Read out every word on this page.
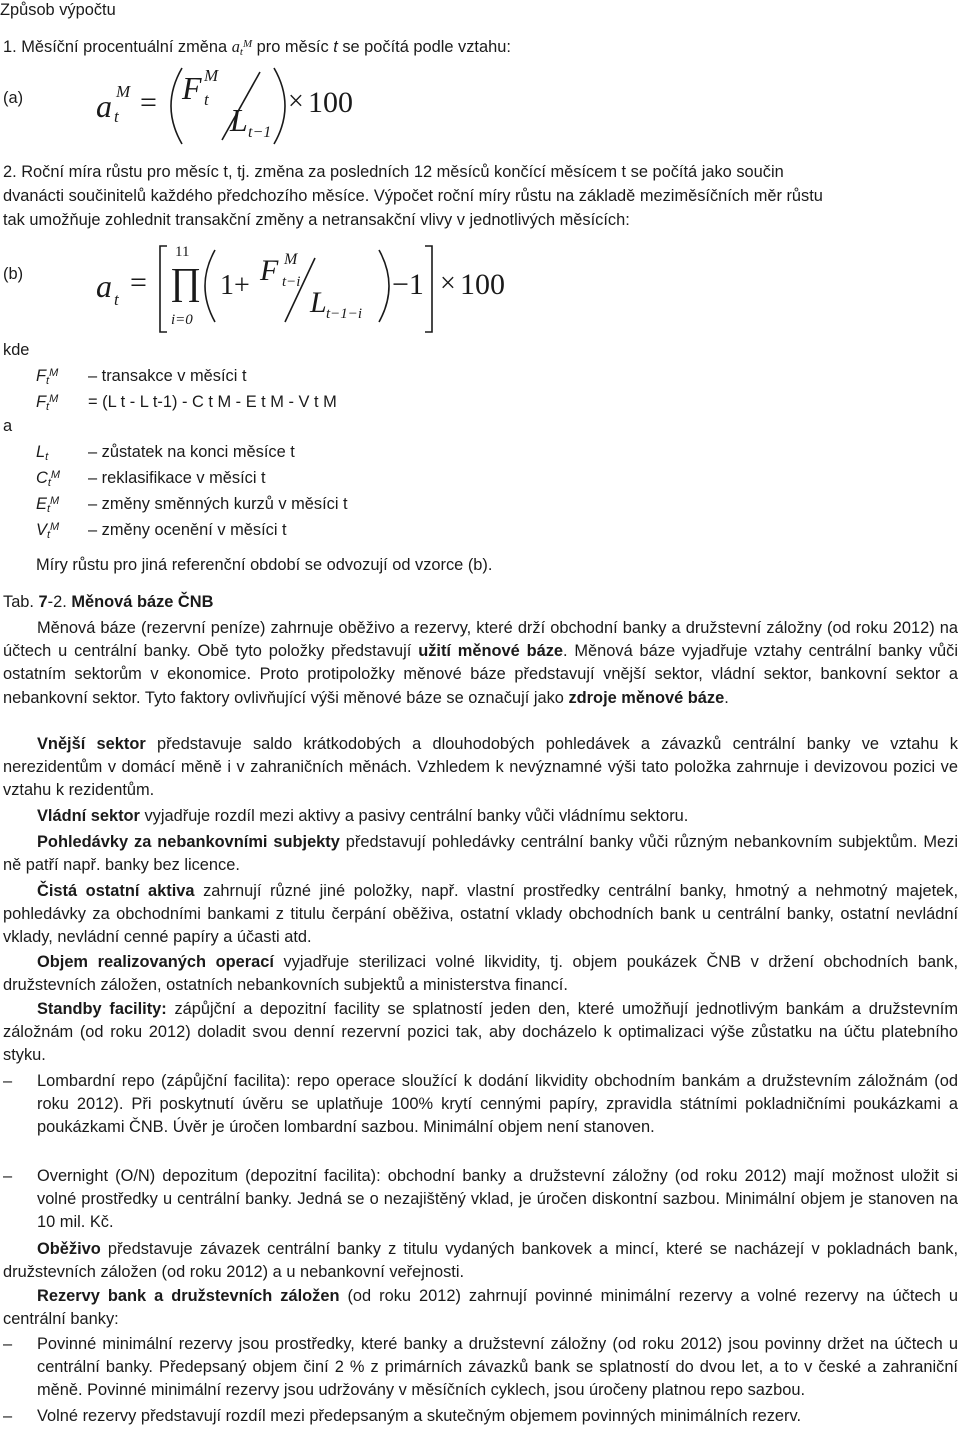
Způsob výpočtu
1. Měsíční procentuální změna $a_t^M$ pro měsíc t se počítá podle vztahu:
(a) a M
t = F M
t
L t−1
× 100
2. Roční míra růstu pro měsíc t, tj. změna za posledních 12 měsíců končící měsícem t se počítá jako součin
dvanácti součinitelů každého předchozího měsíce. Výpočet roční míry růstu na základě meziměsíčních měr růstu
tak umožňuje zohlednit transakční změny a netransakční vlivy v jednotlivých měsících:
(b) a t
=
11
∏
i=0
1+ F M
t−i
L t−1−i
−1 × 100
kde
a
$F_t^M$ – transakce v měsíci t
$F_t^M = (L$ t - L t-1) - C t M - E t M - V t M
$L_t$ – zůstatek na konci měsíce t
$C_t^M$ – reklasifikace v měsíci t
$E_t^M$ – změny směnných kurzů v měsíci t
$V_t^M$ – změny ocenění v měsíci t
Míry růstu pro jiná referenční období se odvozují od vzorce (b).
Tab. 7-2. Měnová báze ČNB
Měnová báze (rezervní peníze) zahrnuje oběživo a rezervy, které drží obchodní banky a družstevní záložny (od roku 2012) na účtech u centrální banky. Obě tyto položky představují užití měnové báze. Měnová báze vyjadřuje vztahy centrální banky vůči ostatním sektorům v ekonomice. Proto protipoložky měnové báze představují vnější sektor, vládní sektor, bankovní sektor a nebankovní sektor. Tyto faktory ovlivňující výši měnové báze se označují jako zdroje měnové báze.
Vnější sektor představuje saldo krátkodobých a dlouhodobých pohledávek a závazků centrální banky ve vztahu k nerezidentům v domácí měně i v zahraničních měnách. Vzhledem k nevýznamné výši tato položka zahrnuje i devizovou pozici ve vztahu k rezidentům.
Vládní sektor vyjadřuje rozdíl mezi aktivy a pasivy centrální banky vůči vládnímu sektoru.
Pohledávky za nebankovními subjekty představují pohledávky centrální banky vůči různým nebankovním subjektům. Mezi ně patří např. banky bez licence.
Čistá ostatní aktiva zahrnují různé jiné položky, např. vlastní prostředky centrální banky, hmotný a nehmotný majetek, pohledávky za obchodními bankami z titulu čerpání oběživa, ostatní vklady obchodních bank u centrální banky, ostatní nevládní vklady, nevládní cenné papíry a účasti atd.
Objem realizovaných operací vyjadřuje sterilizaci volné likvidity, tj. objem poukázek ČNB v držení obchodních bank, družstevních záložen, ostatních nebankovních subjektů a ministerstva financí.
Standby facility: zápůjční a depozitní facility se splatností jeden den, které umožňují jednotlivým bankám a družstevním záložnám (od roku 2012) doladit svou denní rezervní pozici tak, aby docházelo k optimalizaci výše zůstatku na účtu platebního styku.
– Lombardní repo (zápůjční facilita): repo operace sloužící k dodání likvidity obchodním bankám a družstevním záložnám (od roku 2012). Při poskytnutí úvěru se uplatňuje 100% krytí cennými papíry, zpravidla státními pokladničními poukázkami a poukázkami ČNB. Úvěr je úročen lombardní sazbou. Minimální objem není stanoven.
– Overnight (O/N) depozitum (depozitní facilita): obchodní banky a družstevní záložny (od roku 2012) mají možnost uložit si volné prostředky u centrální banky. Jedná se o nezajištěný vklad, je úročen diskontní sazbou. Minimální objem je stanoven na 10 mil. Kč.
Oběživo představuje závazek centrální banky z titulu vydaných bankovek a mincí, které se nacházejí v pokladnách bank, družstevních záložen (od roku 2012) a u nebankovní veřejnosti.
Rezervy bank a družstevních záložen (od roku 2012) zahrnují povinné minimální rezervy a volné rezervy na účtech u centrální banky:
– Povinné minimální rezervy jsou prostředky, které banky a družstevní záložny (od roku 2012) jsou povinny držet na účtech u centrální banky. Předepsaný objem činí 2 % z primárních závazků bank se splatností do dvou let, a to v české a zahraniční měně. Povinné minimální rezervy jsou udržovány v měsíčních cyklech, jsou úročeny platnou repo sazbou.
– Volné rezervy představují rozdíl mezi předepsaným a skutečným objemem povinných minimálních rezerv.
